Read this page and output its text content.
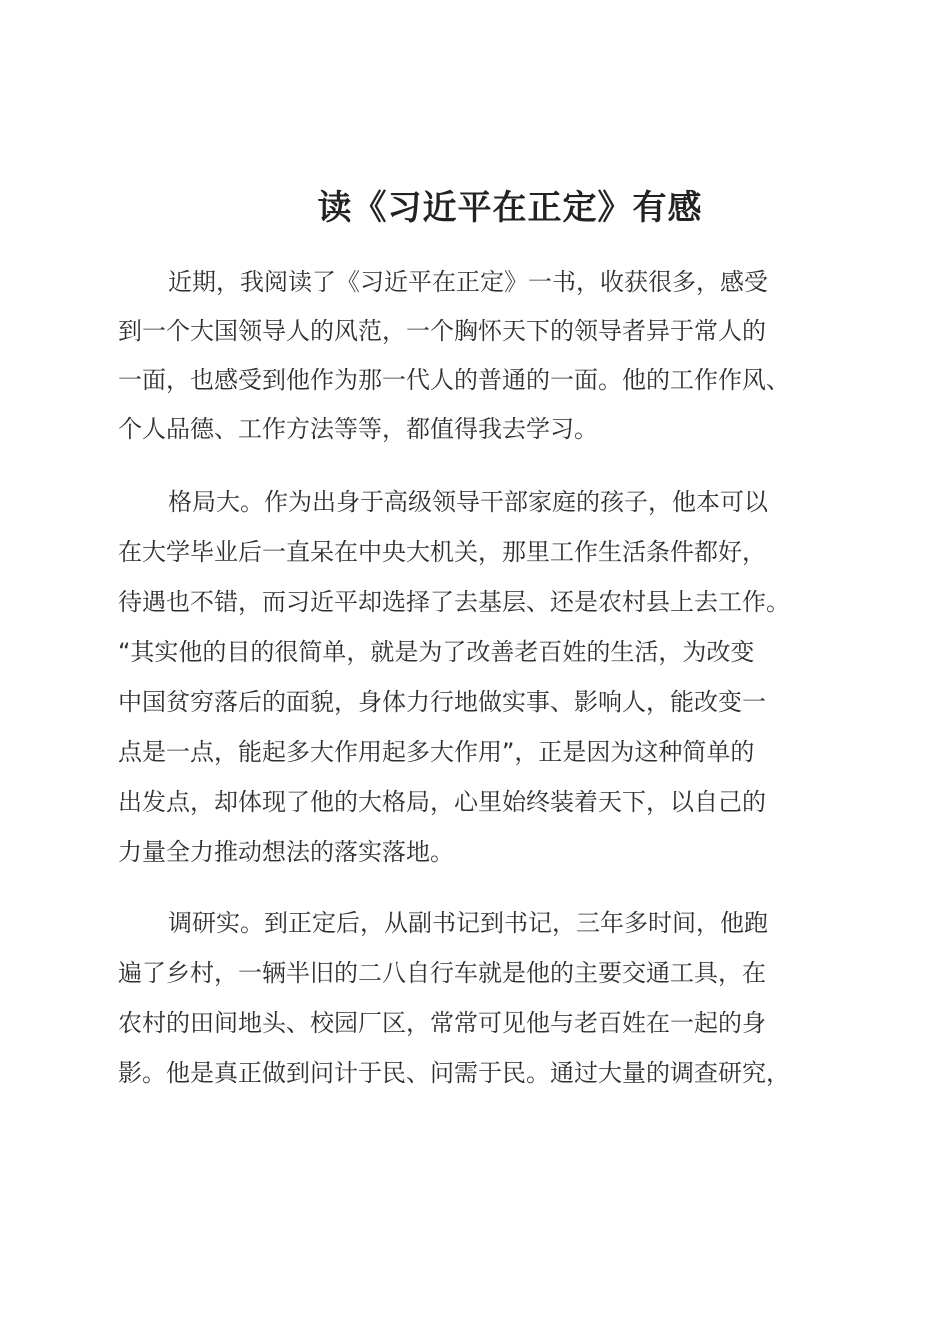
读《习近平在正定》有感
近期，我阅读了《习近平在正定》一书，收获很多，感受
到一个大国领导人的风范，一个胸怀天下的领导者异于常人的
一面，也感受到他作为那一代人的普通的一面。他的工作作风、
个人品德、工作方法等等，都值得我去学习。
格局大。作为出身于高级领导干部家庭的孩子，他本可以
在大学毕业后一直呆在中央大机关，那里工作生活条件都好，
待遇也不错，而习近平却选择了去基层、还是农村县上去工作。
“其实他的目的很简单，就是为了改善老百姓的生活，为改变
中国贫穷落后的面貌，身体力行地做实事、影响人，能改变一
点是一点，能起多大作用起多大作用”，正是因为这种简单的
出发点，却体现了他的大格局，心里始终装着天下，以自己的
力量全力推动想法的落实落地。
调研实。到正定后，从副书记到书记，三年多时间，他跑
遍了乡村，一辆半旧的二八自行车就是他的主要交通工具，在
农村的田间地头、校园厂区，常常可见他与老百姓在一起的身
影。他是真正做到问计于民、问需于民。通过大量的调查研究，
